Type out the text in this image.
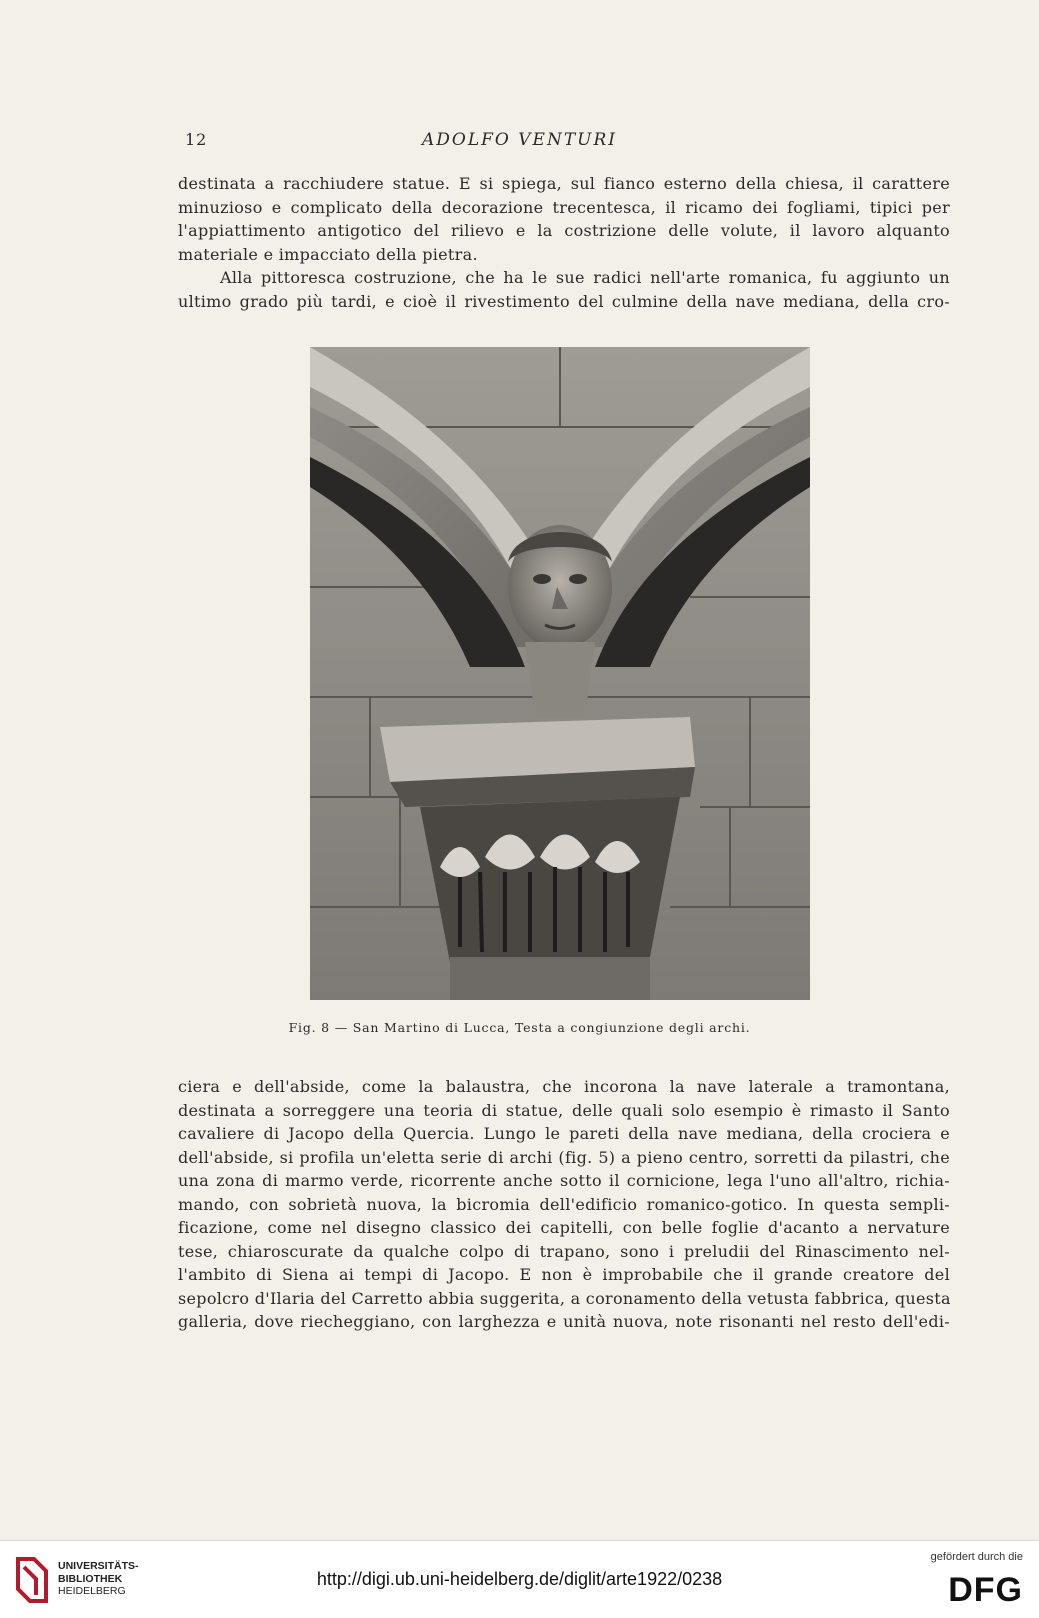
12	ADOLFO VENTURI
destinata a racchiudere statue. E si spiega, sul fianco esterno della chiesa, il carattere
minuzioso e complicato della decorazione trecentesca, il ricamo dei fogliami, tipici per
l'appiattimento antigotico del rilievo e la costrizione delle volute, il lavoro alquanto
materiale e impacciato della pietra.
Alla pittoresca costruzione, che ha le sue radici nell'arte romanica, fu aggiunto un
ultimo grado più tardi, e cioè il rivestimento del culmine della nave mediana, della cro-
Fig. 8 — San Martino di Lucca, Testa a congiunzione degli archi.
ciera e dell'abside, come la balaustra, che incorona la nave laterale a tramontana,
destinata a sorreggere una teoria di statue, delle quali solo esempio è rimasto il Santo
cavaliere di Jacopo della Quercia. Lungo le pareti della nave mediana, della crociera e
dell'abside, si profila un'eletta serie di archi (fig. 5) a pieno centro, sorretti da pilastri, che
una zona di marmo verde, ricorrente anche sotto il cornicione, lega l'uno all'altro, richia-
mando, con sobrietà nuova, la bicromia dell'edificio romanico-gotico. In questa sempli-
ficazione, come nel disegno classico dei capitelli, con belle foglie d'acanto a nervature
tese, chiaroscurate da qualche colpo di trapano, sono i preludii del Rinascimento nel-
l'ambito di Siena ai tempi di Jacopo. E non è improbabile che il grande creatore del
sepolcro d'Ilaria del Carretto abbia suggerita, a coronamento della vetusta fabbrica, questa
galleria, dove riecheggiano, con larghezza e unità nuova, note risonanti nel resto dell'edi-
UNIVERSITÄTS-
BIBLIOTHEK
HEIDELBERG
http://digi.ub.uni-heidelberg.de/diglit/arte1922/0238
gefördert durch die
DFG
